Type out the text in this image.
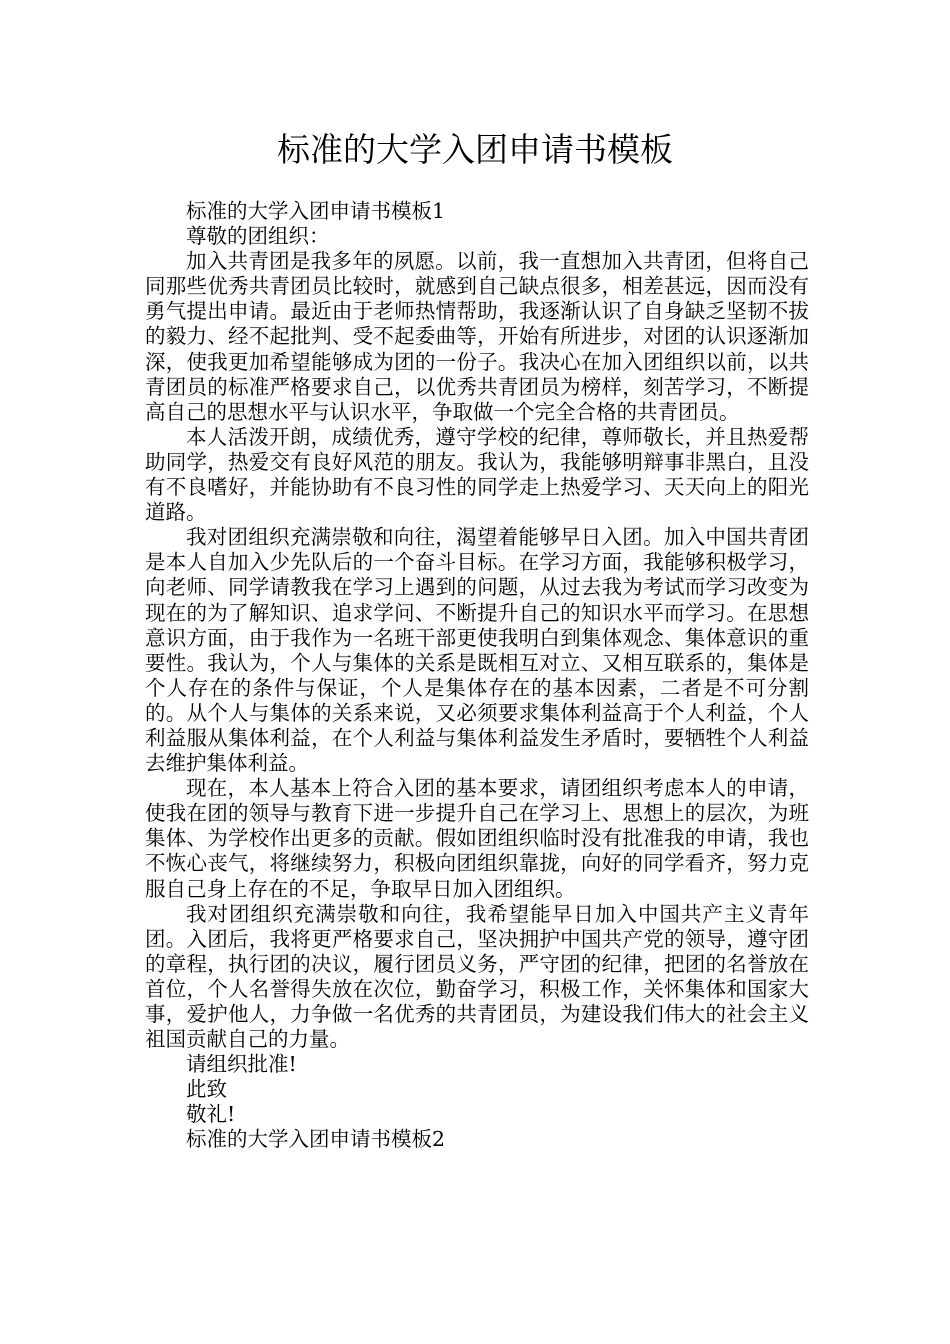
标准的大学入团申请书模板

标准的大学入团申请书模板1

尊敬的团组织：

加入共青团是我多年的夙愿。以前，我一直想加入共青团，但将自己同那些优秀共青团员比较时，就感到自己缺点很多，相差甚远，因而没有勇气提出申请。最近由于老师热情帮助，我逐渐认识了自身缺乏坚韧不拔的毅力、经不起批判、受不起委曲等，开始有所进步，对团的认识逐渐加深，使我更加希望能够成为团的一份子。我决心在加入团组织以前，以共青团员的标准严格要求自己，以优秀共青团员为榜样，刻苦学习，不断提高自己的思想水平与认识水平，争取做一个完全合格的共青团员。

本人活泼开朗，成绩优秀，遵守学校的纪律，尊师敬长，并且热爱帮助同学，热爱交有良好风范的朋友。我认为，我能够明辩事非黑白，且没有不良嗜好，并能协助有不良习性的同学走上热爱学习、天天向上的阳光道路。

我对团组织充满崇敬和向往，渴望着能够早日入团。加入中国共青团是本人自加入少先队后的一个奋斗目标。在学习方面，我能够积极学习，向老师、同学请教我在学习上遇到的问题，从过去我为考试而学习改变为现在的为了解知识、追求学问、不断提升自己的知识水平而学习。在思想意识方面，由于我作为一名班干部更使我明白到集体观念、集体意识的重要性。我认为，个人与集体的关系是既相互对立、又相互联系的，集体是个人存在的条件与保证，个人是集体存在的基本因素，二者是不可分割的。从个人与集体的关系来说，又必须要求集体利益高于个人利益，个人利益服从集体利益，在个人利益与集体利益发生矛盾时，要牺牲个人利益去维护集体利益。

现在，本人基本上符合入团的基本要求，请团组织考虑本人的申请，使我在团的领导与教育下进一步提升自己在学习上、思想上的层次，为班集体、为学校作出更多的贡献。假如团组织临时没有批准我的申请，我也不恢心丧气，将继续努力，积极向团组织靠拢，向好的同学看齐，努力克服自己身上存在的不足，争取早日加入团组织。

我对团组织充满崇敬和向往，我希望能早日加入中国共产主义青年团。入团后，我将更严格要求自己，坚决拥护中国共产党的领导，遵守团的章程，执行团的决议，履行团员义务，严守团的纪律，把团的名誉放在首位，个人名誉得失放在次位，勤奋学习，积极工作，关怀集体和国家大事，爱护他人，力争做一名优秀的共青团员，为建设我们伟大的社会主义祖国贡献自己的力量。

请组织批准!

此致

敬礼!

标准的大学入团申请书模板2
